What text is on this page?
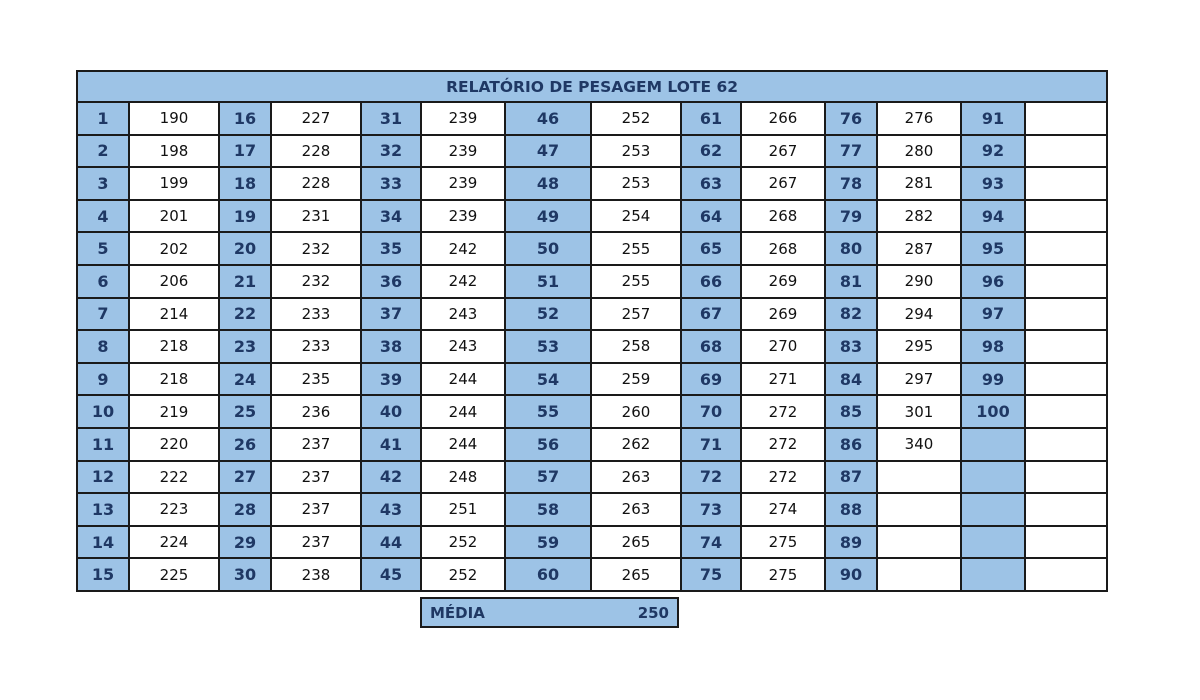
RELATÓRIO DE PESAGEM LOTE 62													
1	190	16	227	31	239	46	252	61	266	76	276	91	
2	198	17	228	32	239	47	253	62	267	77	280	92	
3	199	18	228	33	239	48	253	63	267	78	281	93	
4	201	19	231	34	239	49	254	64	268	79	282	94	
5	202	20	232	35	242	50	255	65	268	80	287	95	
6	206	21	232	36	242	51	255	66	269	81	290	96	
7	214	22	233	37	243	52	257	67	269	82	294	97	
8	218	23	233	38	243	53	258	68	270	83	295	98	
9	218	24	235	39	244	54	259	69	271	84	297	99	
10	219	25	236	40	244	55	260	70	272	85	301	100	
11	220	26	237	41	244	56	262	71	272	86	340		
12	222	27	237	42	248	57	263	72	272	87			
13	223	28	237	43	251	58	263	73	274	88			
14	224	29	237	44	252	59	265	74	275	89			
15	225	30	238	45	252	60	265	75	275	90			
MÉDIA	250
